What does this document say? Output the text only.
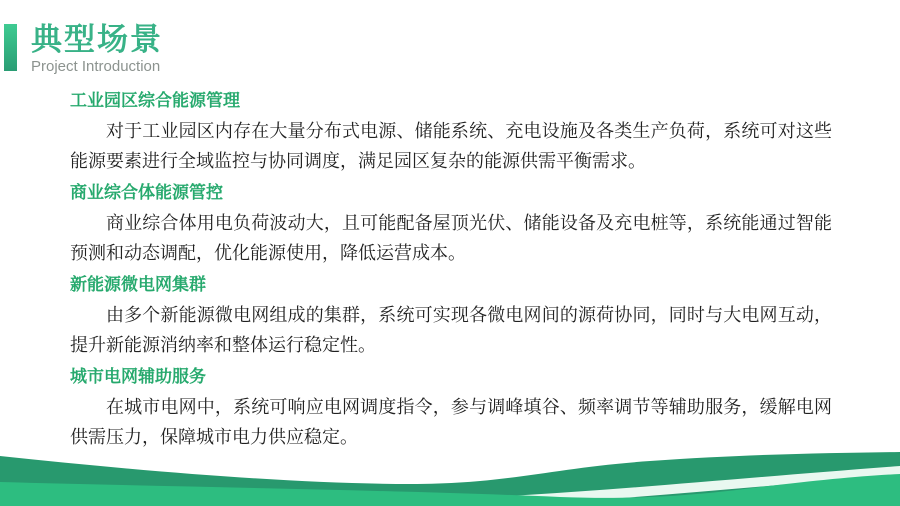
典型场景
Project Introduction
工业园区综合能源管理

对于工业园区内存在大量分布式电源、储能系统、充电设施及各类生产负荷，系统可对这些能源要素进行全域监控与协同调度，满足园区复杂的能源供需平衡需求。

商业综合体能源管控

商业综合体用电负荷波动大，且可能配备屋顶光伏、储能设备及充电桩等，系统能通过智能预测和动态调配，优化能源使用，降低运营成本。

新能源微电网集群

由多个新能源微电网组成的集群，系统可实现各微电网间的源荷协同，同时与大电网互动，提升新能源消纳率和整体运行稳定性。

城市电网辅助服务

在城市电网中，系统可响应电网调度指令，参与调峰填谷、频率调节等辅助服务，缓解电网供需压力，保障城市电力供应稳定。
